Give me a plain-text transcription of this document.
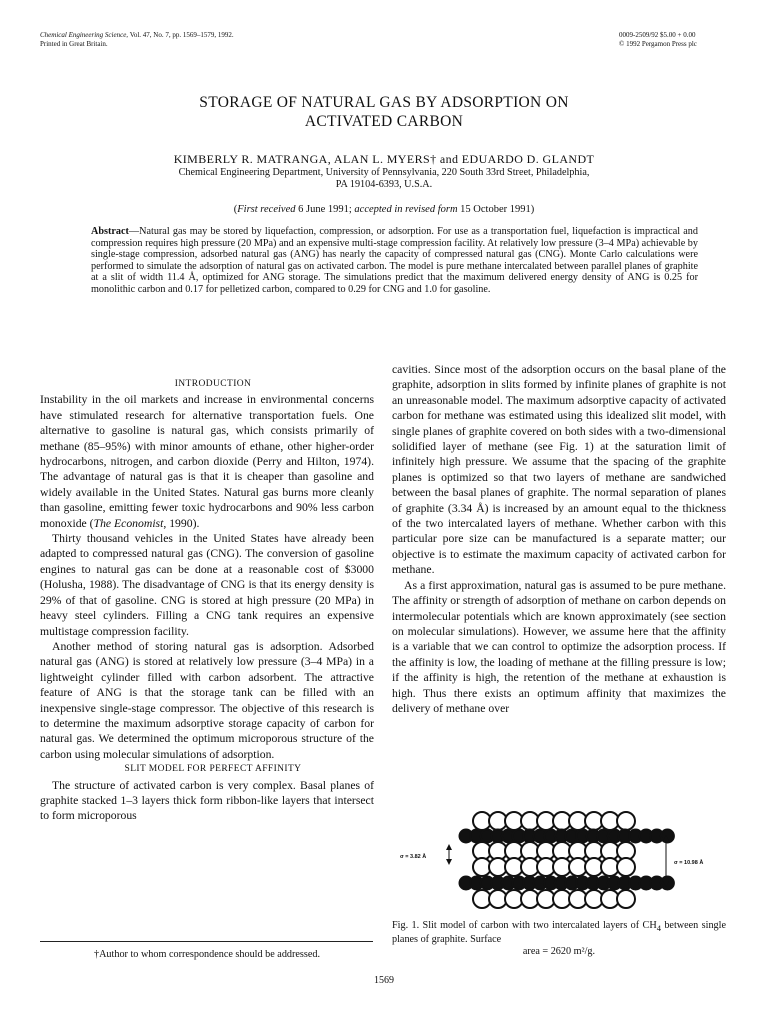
Chemical Engineering Science, Vol. 47, No. 7, pp. 1569–1579, 1992.
Printed in Great Britain.
0009-2509/92 $5.00 + 0.00
© 1992 Pergamon Press plc
STORAGE OF NATURAL GAS BY ADSORPTION ON
ACTIVATED CARBON
KIMBERLY R. MATRANGA, ALAN L. MYERS† and EDUARDO D. GLANDT
Chemical Engineering Department, University of Pennsylvania, 220 South 33rd Street, Philadelphia,
PA 19104-6393, U.S.A.
(First received 6 June 1991; accepted in revised form 15 October 1991)
Abstract—Natural gas may be stored by liquefaction, compression, or adsorption. For use as a transportation fuel, liquefaction is impractical and compression requires high pressure (20 MPa) and an expensive multi-stage compression facility. At relatively low pressure (3–4 MPa) achievable by single-stage compression, adsorbed natural gas (ANG) has nearly the capacity of compressed natural gas (CNG). Monte Carlo calculations were performed to simulate the adsorption of natural gas on activated carbon. The model is pure methane intercalated between parallel planes of graphite at a slit of width 11.4 Å, optimized for ANG storage. The simulations predict that the maximum delivered energy density of ANG is 0.25 for monolithic carbon and 0.17 for pelletized carbon, compared to 0.29 for CNG and 1.0 for gasoline.

INTRODUCTION

Instability in the oil markets and increase in environmental concerns have stimulated research for alternative transportation fuels. One alternative to gasoline is natural gas, which consists primarily of methane (85–95%) with minor amounts of ethane, other higher-order hydrocarbons, nitrogen, and carbon dioxide (Perry and Hilton, 1974). The advantage of natural gas is that it is cheaper than gasoline and widely available in the United States. Natural gas burns more cleanly than gasoline, emitting fewer toxic hydrocarbons and 90% less carbon monoxide (The Economist, 1990).

Thirty thousand vehicles in the United States have already been adapted to compressed natural gas (CNG). The conversion of gasoline engines to natural gas can be done at a reasonable cost of $3000 (Holusha, 1988). The disadvantage of CNG is that its energy density is 29% of that of gasoline. CNG is stored at high pressure (20 MPa) in heavy steel cylinders. Filling a CNG tank requires an expensive multistage compression facility.

Another method of storing natural gas is adsorption. Adsorbed natural gas (ANG) is stored at relatively low pressure (3–4 MPa) in a lightweight cylinder filled with carbon adsorbent. The attractive feature of ANG is that the storage tank can be filled with an inexpensive single-stage compressor. The objective of this research is to determine the maximum adsorptive storage capacity of carbon for natural gas. We determined the optimum microporous structure of the carbon using molecular simulations of adsorption.

SLIT MODEL FOR PERFECT AFFINITY

The structure of activated carbon is very complex. Basal planes of graphite stacked 1–3 layers thick form ribbon-like layers that intersect to form microporous

cavities. Since most of the adsorption occurs on the basal plane of the graphite, adsorption in slits formed by infinite planes of graphite is not an unreasonable model. The maximum adsorptive capacity of activated carbon for methane was estimated using this idealized slit model, with single planes of graphite covered on both sides with a two-dimensional solidified layer of methane (see Fig. 1) at the saturation limit of infinitely high pressure. We assume that the spacing of the graphite planes is optimized so that two layers of methane are sandwiched between the basal planes of graphite. The normal separation of planes of graphite (3.34 Å) is increased by an amount equal to the thickness of the two intercalated layers of methane. Whether carbon with this particular pore size can be manufactured is a separate matter; our objective is to estimate the maximum capacity of activated carbon for methane.

As a first approximation, natural gas is assumed to be pure methane. The affinity or strength of adsorption of methane on carbon depends on intermolecular potentials which are known approximately (see section on molecular simulations). However, we assume here that the affinity is a variable that we can control to optimize the adsorption process. If the affinity is low, the loading of methane at the filling pressure is low; if the affinity is high, the retention of the methane at exhaustion is high. Thus there exists an optimum affinity that maximizes the delivery of methane over

σ = 3.82 Å
σ = 10.98 Å
Fig. 1. Slit model of carbon with two intercalated layers of $CH_4$ between single planes of graphite. Surface
area = 2620 m²/g.
†Author to whom correspondence should be addressed.
1569
